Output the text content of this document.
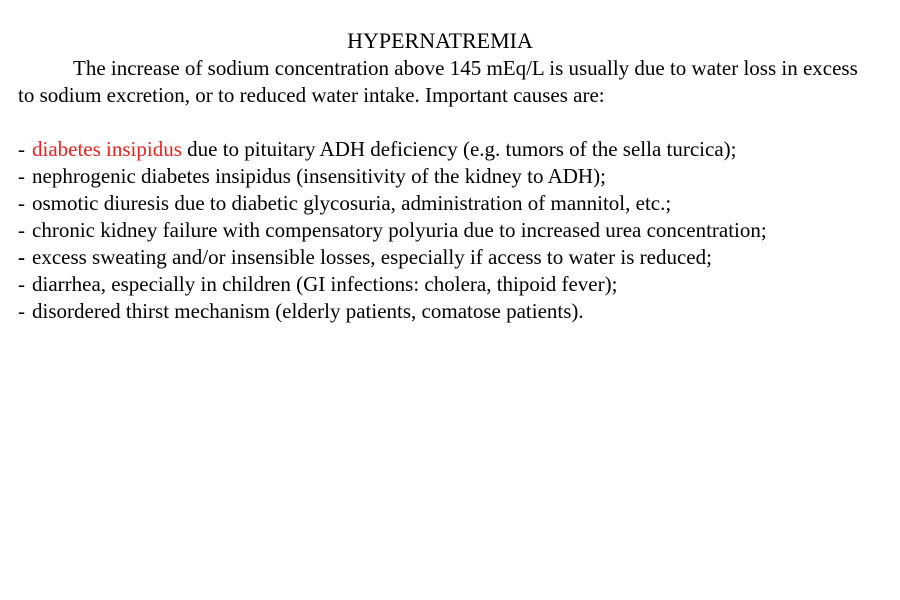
HYPERNATREMIA

The increase of sodium concentration above 145 mEq/L is usually due to water loss in excess to sodium excretion, or to reduced water intake. Important causes are:

- diabetes insipidus due to pituitary ADH deficiency (e.g. tumors of the sella turcica);
- nephrogenic diabetes insipidus (insensitivity of the kidney to ADH);
- osmotic diuresis due to diabetic glycosuria, administration of mannitol, etc.;
- chronic kidney failure with compensatory polyuria due to increased urea concentration;
- excess sweating and/or insensible losses, especially if access to water is reduced;
- diarrhea, especially in children (GI infections: cholera, thipoid fever);
- disordered thirst mechanism (elderly patients, comatose patients).
